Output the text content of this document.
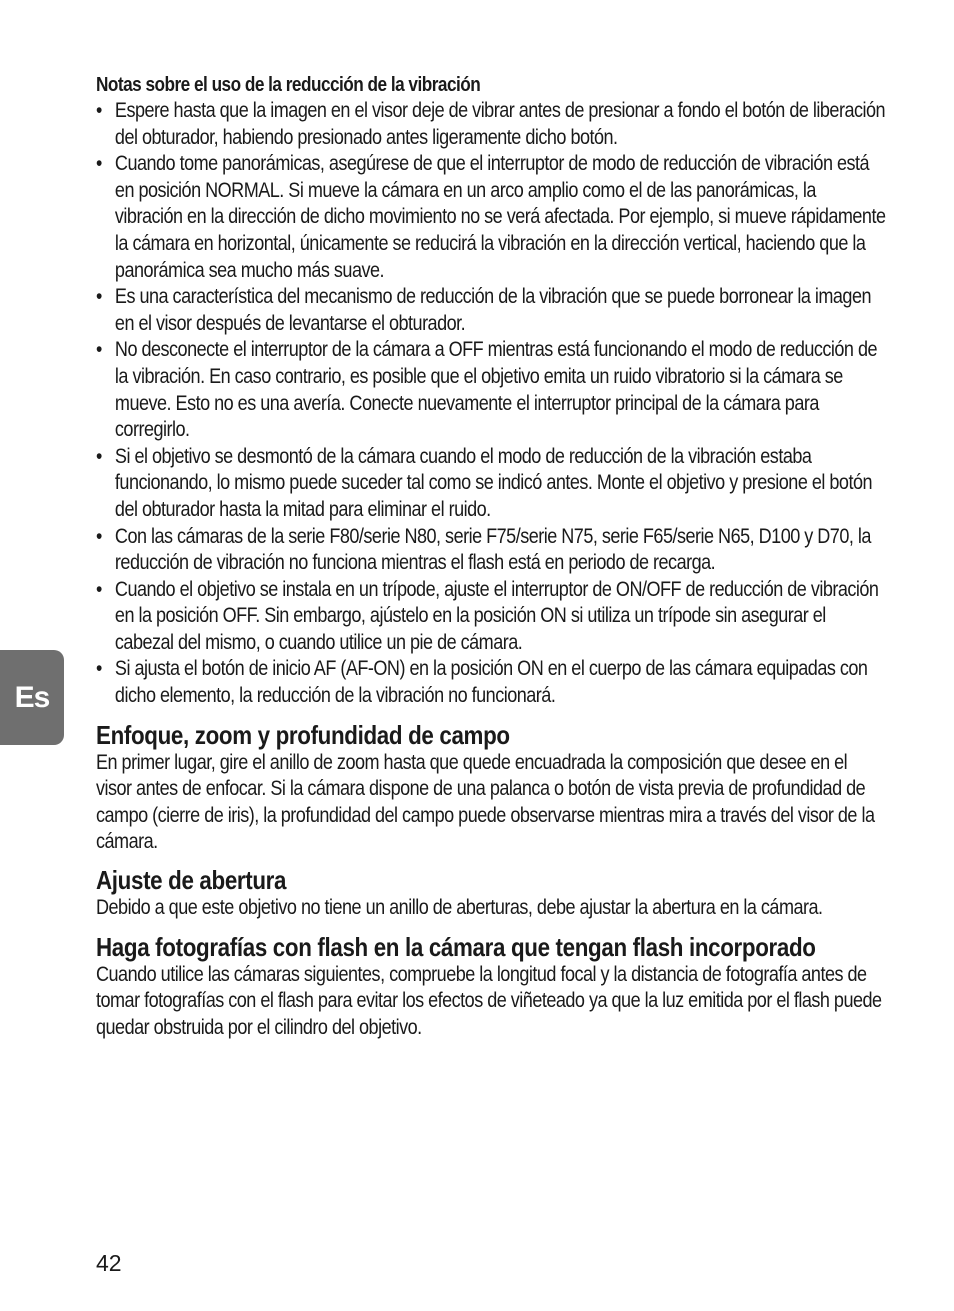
Es
Notas sobre el uso de la reducción de la vibración
• Espere hasta que la imagen en el visor deje de vibrar antes de presionar a fondo el botón de liberación del obturador, habiendo presionado antes ligeramente dicho botón.
• Cuando tome panorámicas, asegúrese de que el interruptor de modo de reducción de vibración está en posición NORMAL. Si mueve la cámara en un arco amplio como el de las panorámicas, la vibración en la dirección de dicho movimiento no se verá afectada. Por ejemplo, si mueve rápidamente la cámara en horizontal, únicamente se reducirá la vibración en la dirección vertical, haciendo que la panorámica sea mucho más suave.
• Es una característica del mecanismo de reducción de la vibración que se puede borronear la imagen en el visor después de levantarse el obturador.
• No desconecte el interruptor de la cámara a OFF mientras está funcionando el modo de reducción de la vibración. En caso contrario, es posible que el objetivo emita un ruido vibratorio si la cámara se mueve. Esto no es una avería. Conecte nuevamente el interruptor principal de la cámara para corregirlo.
• Si el objetivo se desmontó de la cámara cuando el modo de reducción de la vibración estaba funcionando, lo mismo puede suceder tal como se indicó antes. Monte el objetivo y presione el botón del obturador hasta la mitad para eliminar el ruido.
• Con las cámaras de la serie F80/serie N80, serie F75/serie N75, serie F65/serie N65, D100 y D70, la reducción de vibración no funciona mientras el flash está en periodo de recarga.
• Cuando el objetivo se instala en un trípode, ajuste el interruptor de ON/OFF de reducción de vibración en la posición OFF. Sin embargo, ajústelo en la posición ON si utiliza un trípode sin asegurar el cabezal del mismo, o cuando utilice un pie de cámara.
• Si ajusta el botón de inicio AF (AF-ON) en la posición ON en el cuerpo de las cámara equipadas con dicho elemento, la reducción de la vibración no funcionará.
Enfoque, zoom y profundidad de campo

En primer lugar, gire el anillo de zoom hasta que quede encuadrada la composición que desee en el visor antes de enfocar. Si la cámara dispone de una palanca o botón de vista previa de profundidad de campo (cierre de iris), la profundidad del campo puede observarse mientras mira a través del visor de la cámara.

Ajuste de abertura

Debido a que este objetivo no tiene un anillo de aberturas, debe ajustar la abertura en la cámara.

Haga fotografías con flash en la cámara que tengan flash incorporado

Cuando utilice las cámaras siguientes, compruebe la longitud focal y la distancia de fotografía antes de tomar fotografías con el flash para evitar los efectos de viñeteado ya que la luz emitida por el flash puede quedar obstruida por el cilindro del objetivo.

42
